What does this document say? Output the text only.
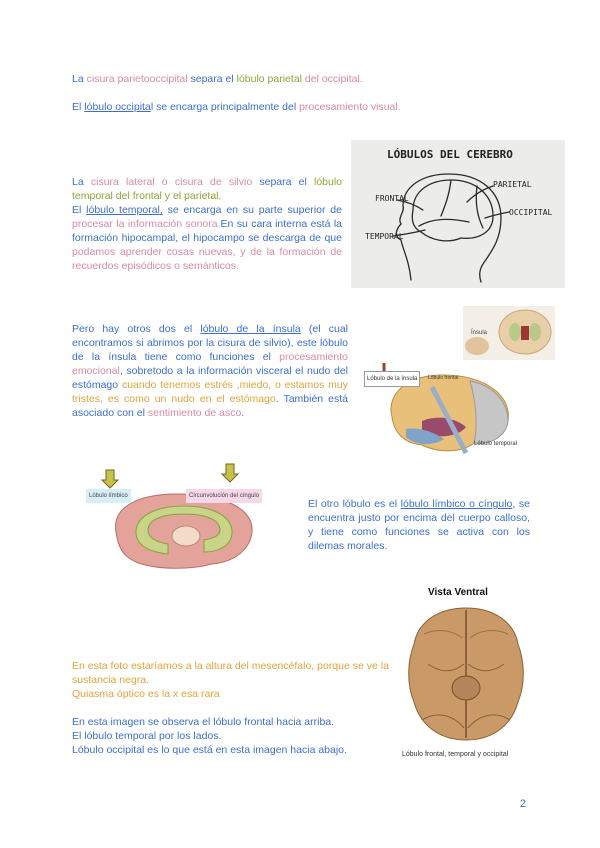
La cisura parietooccipital separa el lóbulo parietal del occipital.

El lóbulo occipital se encarga principalmente del procesamiento visual.

La cisura lateral o cisura de silvio separa el lóbulo temporal del frontal y el parietal.

El lóbulo temporal, se encarga en su parte superior de procesar la información sonora.En su cara interna está la formación hipocampal, el hipocampo se descarga de que podamos aprender cosas nuevas, y de la formación de recuerdos episódicos o semánticos.

LÓBULOS DEL CEREBRO
FRONTAL
PARIETAL
OCCIPITAL
TEMPORAL

Pero hay otros dos el lóbulo de la ínsula (el cual encontramos si abrimos por la cisura de silvio), este lóbulo de la ínsula tiene como funciones el procesamiento emocional, sobretodo a la información visceral el nudo del estómago cuando tenemos estrés ,miedo, o estamos muy tristes, es como un nudo en el estómago. También está asociado con el sentimiento de asco.

Ínsula
Lóbulo de la ínsula	Lóbulo frontal
Lóbulo temporal
Lóbulo límbico	Circunvolución del cíngulo

El otro lóbulo es el lóbulo límbico o cíngulo, se encuentra justo por encima del cuerpo calloso, y tiene como funciones se activa con los dilemas morales.

Vista Ventral
Lóbulo frontal, temporal y occipital

En esta foto estaríamos a la altura del mesencéfalo, porque se ve la sustancia negra.

Quiasma óptico es la x esa rara

En esta imagen se observa el lóbulo frontal hacia arriba.

El lóbulo temporal por los lados.

Lóbulo occipital es lo que está en esta imagen hacia abajo.

2
